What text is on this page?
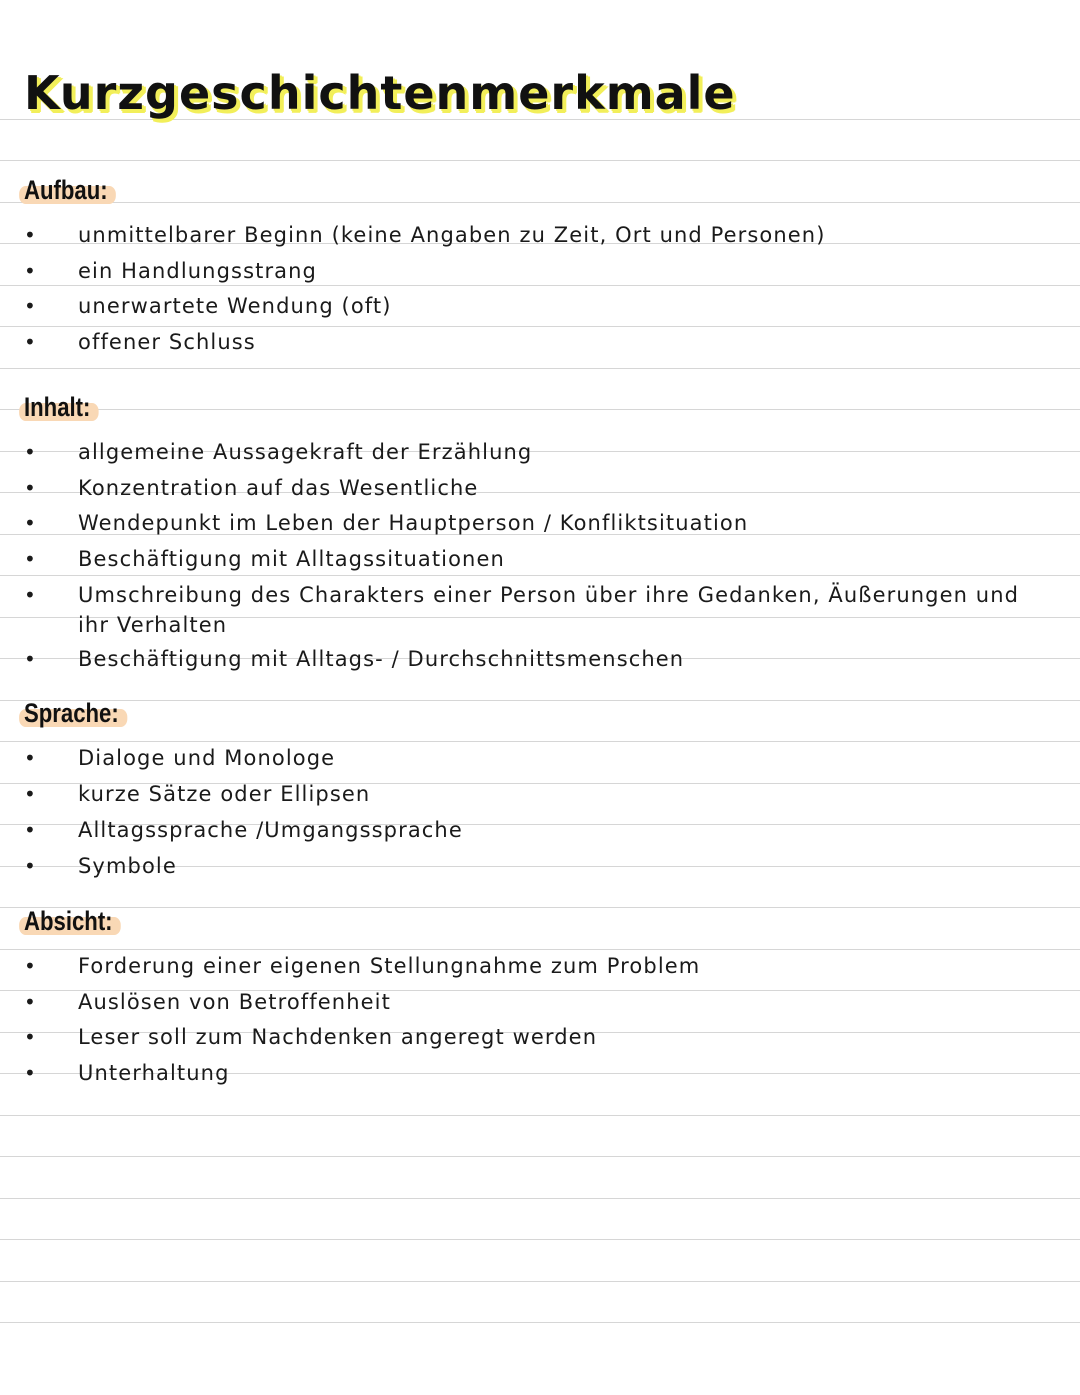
Kurzgeschichtenmerkmale
Aufbau:
• unmittelbarer Beginn (keine Angaben zu Zeit, Ort und Personen)
• ein Handlungsstrang
• unerwartete Wendung (oft)
• offener Schluss
Inhalt:
• allgemeine Aussagekraft der Erzählung
• Konzentration auf das Wesentliche
• Wendepunkt im Leben der Hauptperson / Konfliktsituation
• Beschäftigung mit Alltagssituationen
• Umschreibung des Charakters einer Person über ihre Gedanken, Äußerungen und ihr Verhalten
• Beschäftigung mit Alltags- / Durchschnittsmenschen
Sprache:
• Dialoge und Monologe
• kurze Sätze oder Ellipsen
• Alltagssprache /Umgangssprache
• Symbole
Absicht:
• Forderung einer eigenen Stellungnahme zum Problem
• Auslösen von Betroffenheit
• Leser soll zum Nachdenken angeregt werden
• Unterhaltung
